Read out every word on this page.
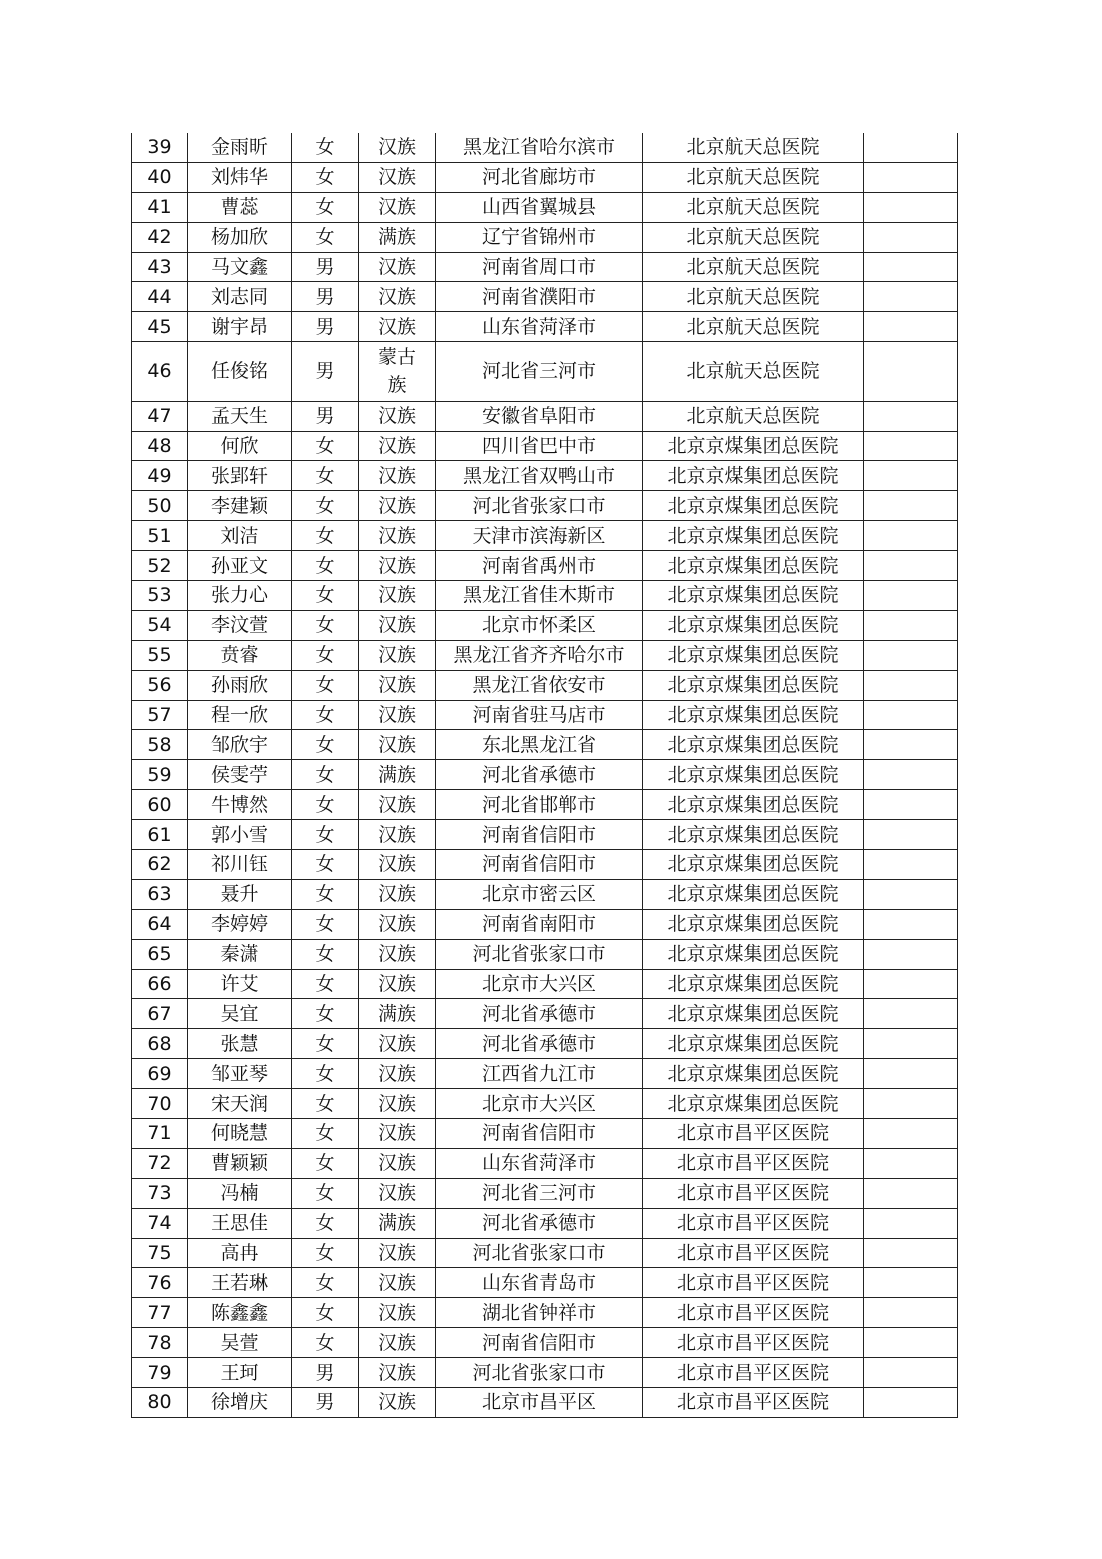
39	金雨昕	女	汉族	黑龙江省哈尔滨市	北京航天总医院	
40	刘炜华	女	汉族	河北省廊坊市	北京航天总医院	
41	曹蕊	女	汉族	山西省翼城县	北京航天总医院	
42	杨加欣	女	满族	辽宁省锦州市	北京航天总医院	
43	马文鑫	男	汉族	河南省周口市	北京航天总医院	
44	刘志同	男	汉族	河南省濮阳市	北京航天总医院	
45	谢宇昂	男	汉族	山东省菏泽市	北京航天总医院	
46	任俊铭	男	蒙古族	河北省三河市	北京航天总医院	
47	孟天生	男	汉族	安徽省阜阳市	北京航天总医院	
48	何欣	女	汉族	四川省巴中市	北京京煤集团总医院	
49	张郢轩	女	汉族	黑龙江省双鸭山市	北京京煤集团总医院	
50	李建颖	女	汉族	河北省张家口市	北京京煤集团总医院	
51	刘洁	女	汉族	天津市滨海新区	北京京煤集团总医院	
52	孙亚文	女	汉族	河南省禹州市	北京京煤集团总医院	
53	张力心	女	汉族	黑龙江省佳木斯市	北京京煤集团总医院	
54	李汶萱	女	汉族	北京市怀柔区	北京京煤集团总医院	
55	贲睿	女	汉族	黑龙江省齐齐哈尔市	北京京煤集团总医院	
56	孙雨欣	女	汉族	黑龙江省依安市	北京京煤集团总医院	
57	程一欣	女	汉族	河南省驻马店市	北京京煤集团总医院	
58	邹欣宇	女	汉族	东北黑龙江省	北京京煤集团总医院	
59	侯雯苧	女	满族	河北省承德市	北京京煤集团总医院	
60	牛博然	女	汉族	河北省邯郸市	北京京煤集团总医院	
61	郭小雪	女	汉族	河南省信阳市	北京京煤集团总医院	
62	祁川钰	女	汉族	河南省信阳市	北京京煤集团总医院	
63	聂升	女	汉族	北京市密云区	北京京煤集团总医院	
64	李婷婷	女	汉族	河南省南阳市	北京京煤集团总医院	
65	秦潇	女	汉族	河北省张家口市	北京京煤集团总医院	
66	许艾	女	汉族	北京市大兴区	北京京煤集团总医院	
67	吴宜	女	满族	河北省承德市	北京京煤集团总医院	
68	张慧	女	汉族	河北省承德市	北京京煤集团总医院	
69	邹亚琴	女	汉族	江西省九江市	北京京煤集团总医院	
70	宋天润	女	汉族	北京市大兴区	北京京煤集团总医院	
71	何晓慧	女	汉族	河南省信阳市	北京市昌平区医院	
72	曹颖颖	女	汉族	山东省菏泽市	北京市昌平区医院	
73	冯楠	女	汉族	河北省三河市	北京市昌平区医院	
74	王思佳	女	满族	河北省承德市	北京市昌平区医院	
75	高冉	女	汉族	河北省张家口市	北京市昌平区医院	
76	王若琳	女	汉族	山东省青岛市	北京市昌平区医院	
77	陈鑫鑫	女	汉族	湖北省钟祥市	北京市昌平区医院	
78	吴萱	女	汉族	河南省信阳市	北京市昌平区医院	
79	王珂	男	汉族	河北省张家口市	北京市昌平区医院	
80	徐增庆	男	汉族	北京市昌平区	北京市昌平区医院	
